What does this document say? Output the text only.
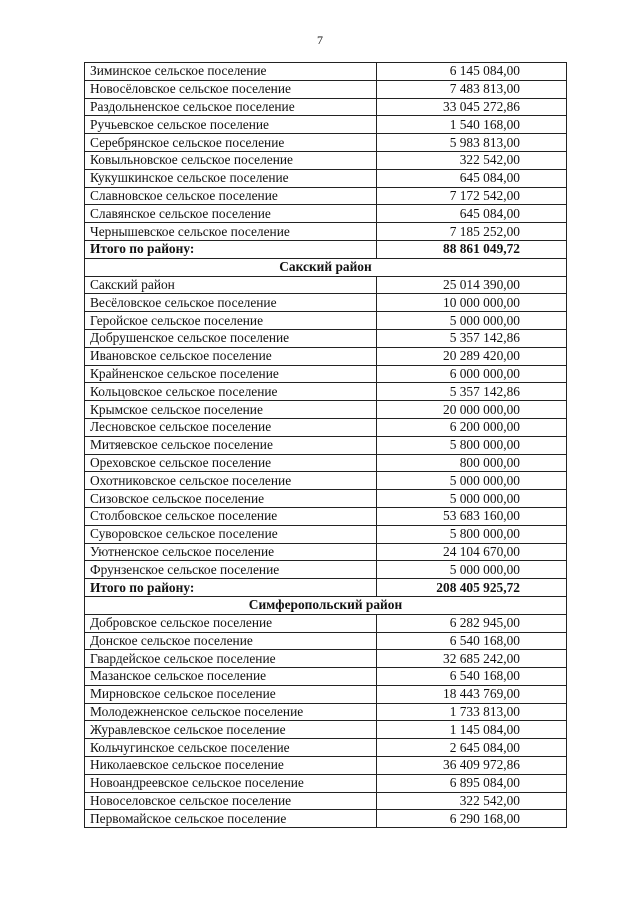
7
Зиминское сельское поселение	6 145 084,00
Новосёловское сельское поселение	7 483 813,00
Раздольненское сельское поселение	33 045 272,86
Ручьевское сельское поселение	1 540 168,00
Серебрянское сельское поселение	5 983 813,00
Ковыльновское сельское поселение	322 542,00
Кукушкинское сельское поселение	645 084,00
Славновское сельское поселение	7 172 542,00
Славянское сельское поселение	645 084,00
Чернышевское сельское поселение	7 185 252,00
Итого по району:	88 861 049,72
Сакский район	
Сакский район	25 014 390,00
Весёловское сельское поселение	10 000 000,00
Геройское сельское поселение	5 000 000,00
Добрушенское сельское поселение	5 357 142,86
Ивановское сельское поселение	20 289 420,00
Крайненское сельское поселение	6 000 000,00
Кольцовское сельское поселение	5 357 142,86
Крымское сельское поселение	20 000 000,00
Лесновское сельское поселение	6 200 000,00
Митяевское сельское поселение	5 800 000,00
Ореховское сельское поселение	800 000,00
Охотниковское сельское поселение	5 000 000,00
Сизовское сельское поселение	5 000 000,00
Столбовское сельское поселение	53 683 160,00
Суворовское сельское поселение	5 800 000,00
Уютненское сельское поселение	24 104 670,00
Фрунзенское сельское поселение	5 000 000,00
Итого по району:	208 405 925,72
Симферопольский район	
Добровское сельское поселение	6 282 945,00
Донское сельское поселение	6 540 168,00
Гвардейское сельское поселение	32 685 242,00
Мазанское сельское поселение	6 540 168,00
Мирновское сельское поселение	18 443 769,00
Молодежненское сельское поселение	1 733 813,00
Журавлевское сельское поселение	1 145 084,00
Кольчугинское сельское поселение	2 645 084,00
Николаевское сельское поселение	36 409 972,86
Новоандреевское сельское поселение	6 895 084,00
Новоселовское сельское поселение	322 542,00
Первомайское сельское поселение	6 290 168,00
